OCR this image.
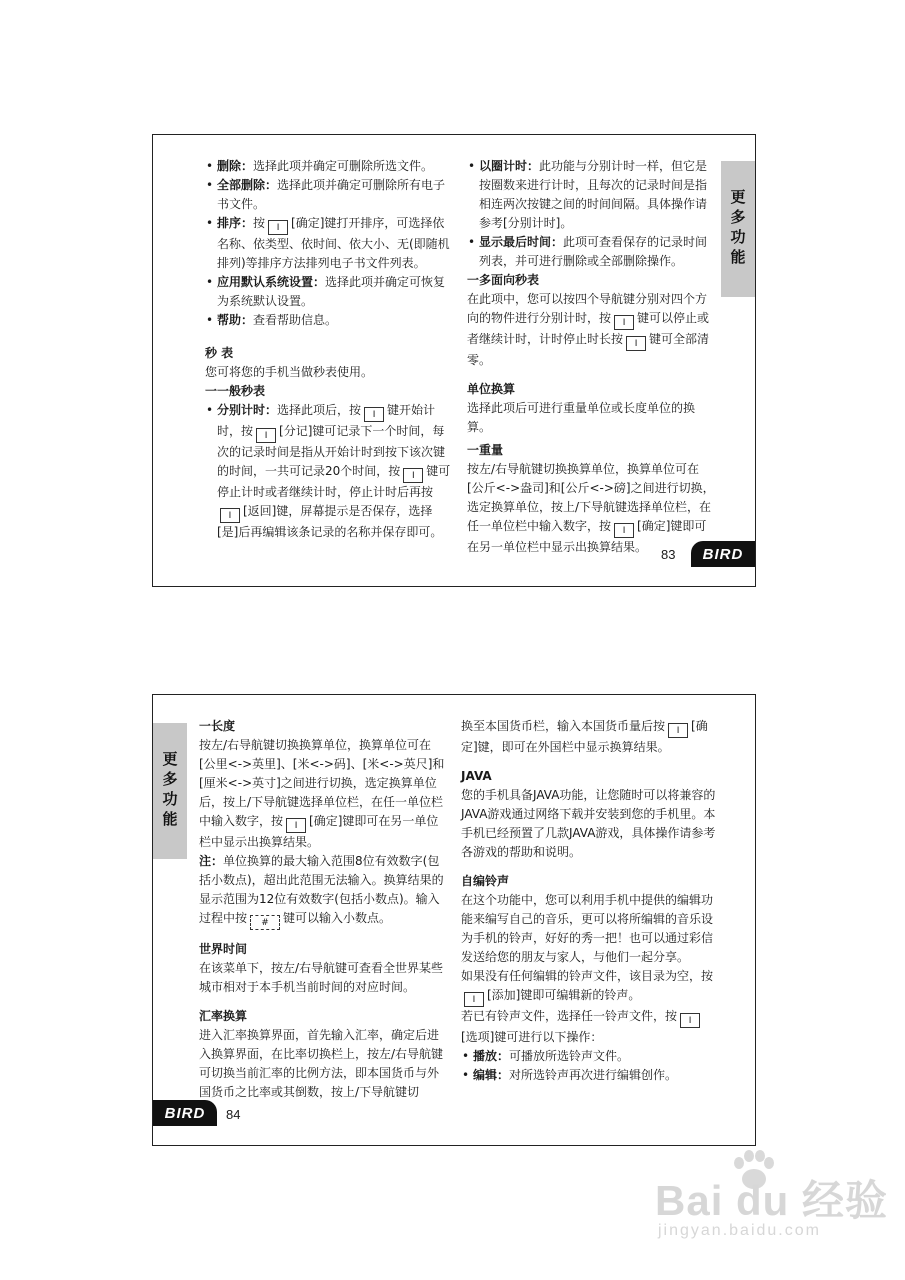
• 删除：选择此项并确定可删除所选文件。

• 全部删除：选择此项并确定可删除所有电子书文件。

• 排序：按 I [确定]键打开排序，可选择依名称、依类型、依时间、依大小、无(即随机排列)等排序方法排列电子书文件列表。

• 应用默认系统设置：选择此项并确定可恢复为系统默认设置。

• 帮助：查看帮助信息。

秒 表

您可将您的手机当做秒表使用。

一一般秒表

• 分别计时：选择此项后，按 I 键开始计时，按 I [分记]键可记录下一个时间，每次的记录时间是指从开始计时到按下该次键的时间，一共可记录20个时间，按 I 键可停止计时或者继续计时，停止计时后再按I [返回]键，屏幕提示是否保存，选择[是]后再编辑该条记录的名称并保存即可。

• 以圈计时：此功能与分别计时一样，但它是按圈数来进行计时，且每次的记录时间是指相连两次按键之间的时间间隔。具体操作请参考[分别计时]。

• 显示最后时间：此项可查看保存的记录时间列表，并可进行删除或全部删除操作。

一多面向秒表

在此项中，您可以按四个导航键分别对四个方向的物件进行分别计时，按 I 键可以停止或者继续计时，计时停止时长按 I 键可全部清零。

单位换算

选择此项后可进行重量单位或长度单位的换算。

一重量

按左/右导航键切换换算单位，换算单位可在[公斤<->盎司]和[公斤<->磅]之间进行切换，选定换算单位，按上/下导航键选择单位栏，在任一单位栏中输入数字，按 I [确定]键即可在另一单位栏中显示出换算结果。

更多功能
83	BIRD
更多功能

一长度

按左/右导航键切换换算单位，换算单位可在[公里<->英里]、[米<->码]、[米<->英尺]和[厘米<->英寸]之间进行切换，选定换算单位后，按上/下导航键选择单位栏，在任一单位栏中输入数字，按 I [确定]键即可在另一单位栏中显示出换算结果。

注：单位换算的最大输入范围8位有效数字(包括小数点)，超出此范围无法输入。换算结果的显示范围为12位有效数字(包括小数点)。输入过程中按 # 键可以输入小数点。

世界时间

在该菜单下，按左/右导航键可查看全世界某些城市相对于本手机当前时间的对应时间。

汇率换算

进入汇率换算界面，首先输入汇率，确定后进入换算界面，在比率切换栏上，按左/右导航键可切换当前汇率的比例方法，即本国货币与外国货币之比率或其倒数，按上/下导航键切

换至本国货币栏，输入本国货币量后按 I [确定]键，即可在外国栏中显示换算结果。

JAVA

您的手机具备JAVA功能，让您随时可以将兼容的JAVA游戏通过网络下载并安装到您的手机里。本手机已经预置了几款JAVA游戏，具体操作请参考各游戏的帮助和说明。

自编铃声

在这个功能中，您可以利用手机中提供的编辑功能来编写自己的音乐，更可以将所编辑的音乐设为手机的铃声，好好的秀一把！也可以通过彩信发送给您的朋友与家人，与他们一起分享。

如果没有任何编辑的铃声文件，该目录为空，按I [添加]键即可编辑新的铃声。

若已有铃声文件，选择任一铃声文件，按 I[选项]键可进行以下操作：

• 播放：可播放所选铃声文件。

• 编辑：对所选铃声再次进行编辑创作。

BIRD	84
Bai du 经验
jingyan.baidu.com
